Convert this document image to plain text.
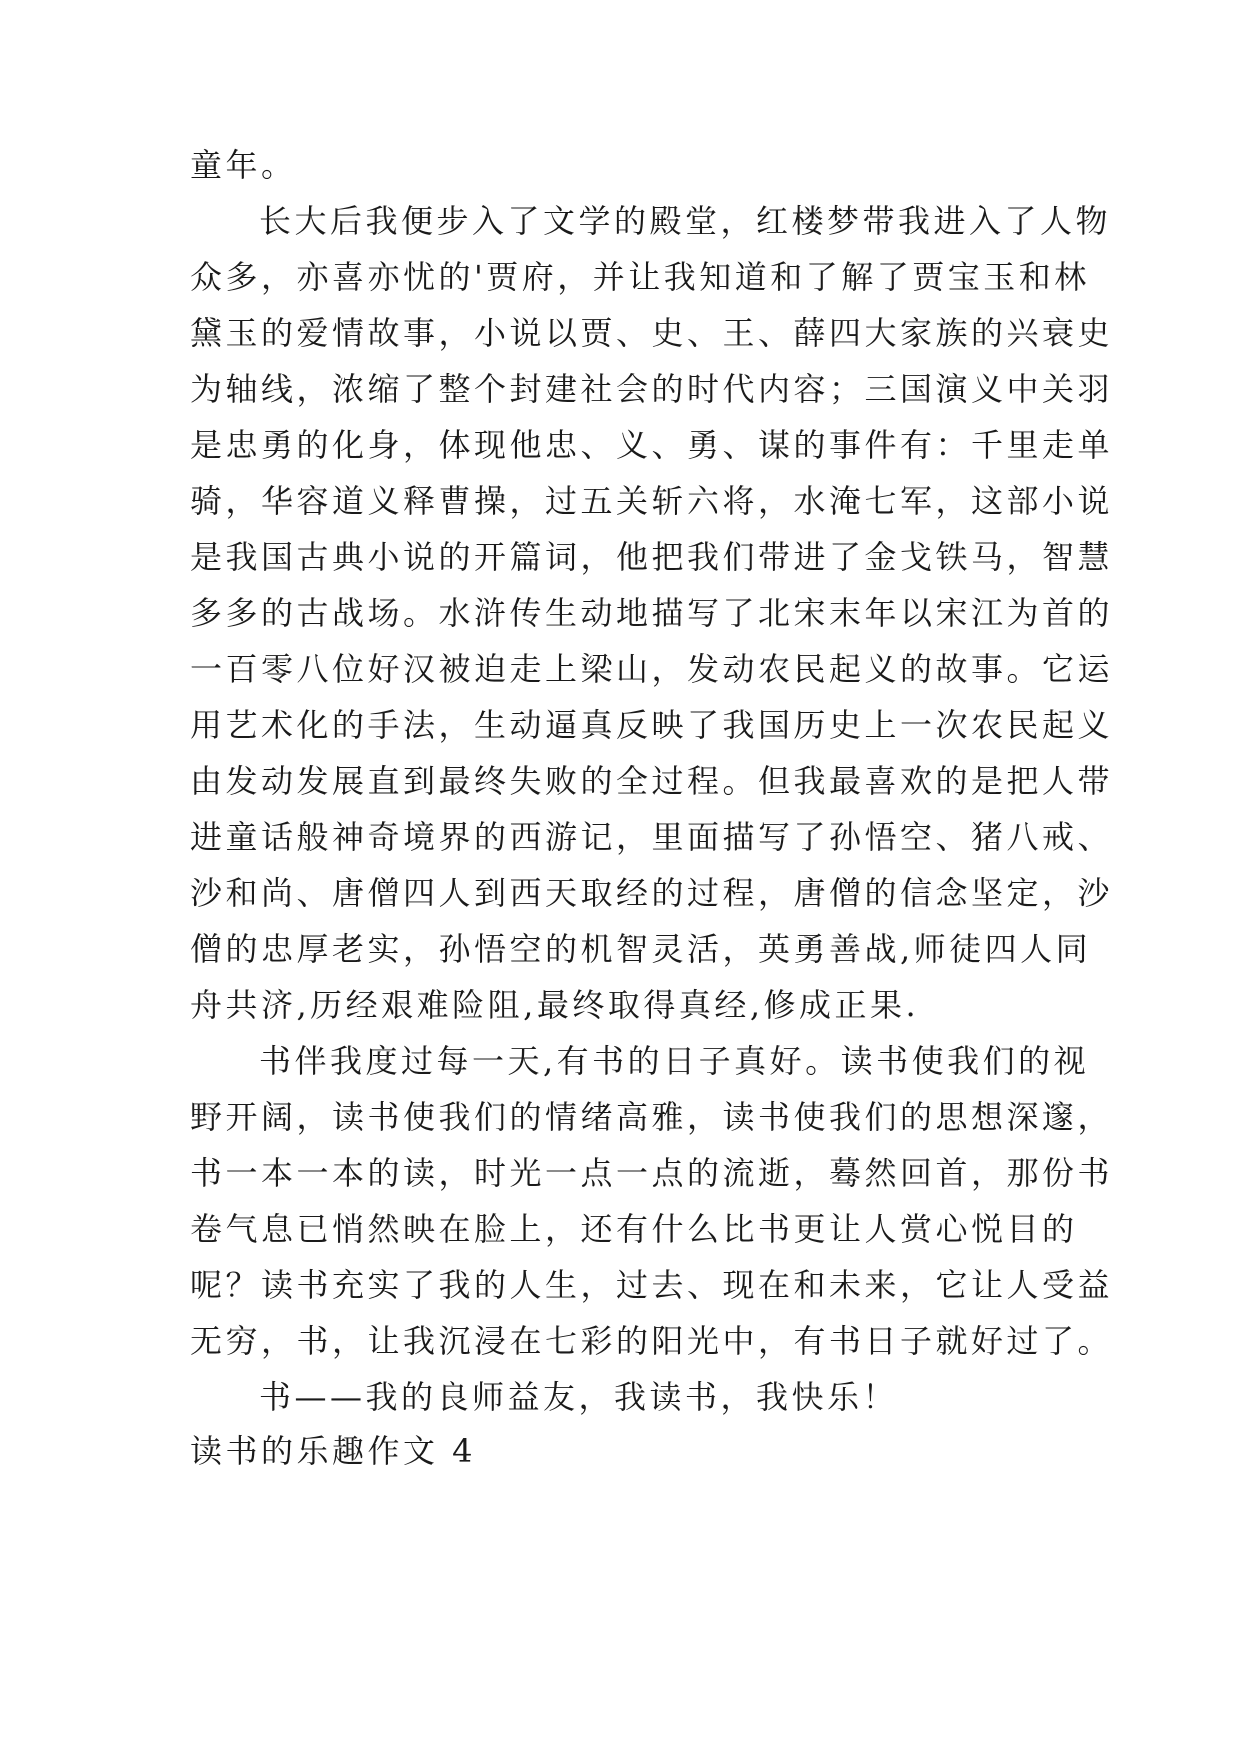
童年。
长大后我便步入了文学的殿堂，红楼梦带我进入了人物
众多，亦喜亦忧的'贾府，并让我知道和了解了贾宝玉和林
黛玉的爱情故事，小说以贾、史、王、薛四大家族的兴衰史
为轴线，浓缩了整个封建社会的时代内容；三国演义中关羽
是忠勇的化身，体现他忠、义、勇、谋的事件有：千里走单
骑，华容道义释曹操，过五关斩六将，水淹七军，这部小说
是我国古典小说的开篇词，他把我们带进了金戈铁马，智慧
多多的古战场。水浒传生动地描写了北宋末年以宋江为首的
一百零八位好汉被迫走上梁山，发动农民起义的故事。它运
用艺术化的手法，生动逼真反映了我国历史上一次农民起义
由发动发展直到最终失败的全过程。但我最喜欢的是把人带
进童话般神奇境界的西游记，里面描写了孙悟空、猪八戒、
沙和尚、唐僧四人到西天取经的过程，唐僧的信念坚定，沙
僧的忠厚老实，孙悟空的机智灵活，英勇善战,师徒四人同
舟共济,历经艰难险阻,最终取得真经,修成正果.
书伴我度过每一天,有书的日子真好。读书使我们的视
野开阔，读书使我们的情绪高雅，读书使我们的思想深邃，
书一本一本的读，时光一点一点的流逝，蓦然回首，那份书
卷气息已悄然映在脸上，还有什么比书更让人赏心悦目的
呢？读书充实了我的人生，过去、现在和未来，它让人受益
无穷，书，让我沉浸在七彩的阳光中，有书日子就好过了。
书——我的良师益友，我读书，我快乐！
读书的乐趣作文 4
